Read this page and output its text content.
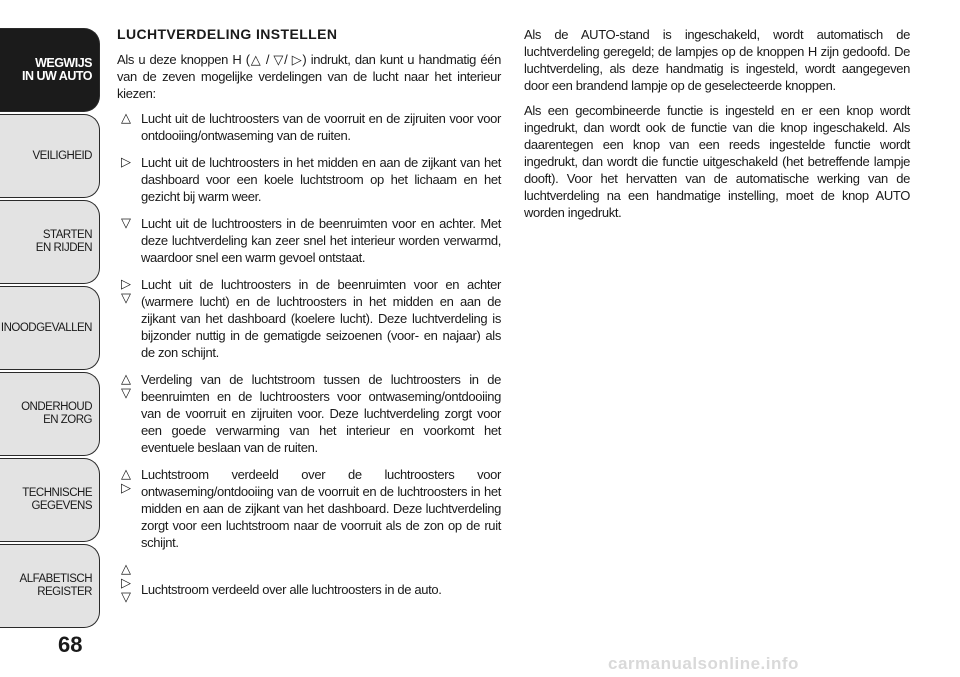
WEGWIJS
IN UW AUTO
VEILIGHEID
STARTEN
EN RIJDEN
INOODGEVALLEN
ONDERHOUD
EN ZORG
TECHNISCHE
GEGEVENS
ALFABETISCH
REGISTER
68
LUCHTVERDELING INSTELLEN

Als u deze knoppen H (△ / ▽/ ▷) indrukt, dan kunt u handmatig één van de zeven mogelijke verdelingen van de lucht naar het interieur kiezen:

△ Lucht uit de luchtroosters van de voorruit en de zijruiten voor voor ontdooiing/ontwaseming van de ruiten.

▷ Lucht uit de luchtroosters in het midden en aan de zijkant van het dashboard voor een koele luchtstroom op het lichaam en het gezicht bij warm weer.

▽ Lucht uit de luchtroosters in de beenruimten voor en achter. Met deze luchtverdeling kan zeer snel het interieur worden verwarmd, waardoor snel een warm gevoel ontstaat.

▷
▽

Lucht uit de luchtroosters in de beenruimten voor en achter (warmere lucht) en de luchtroosters in het midden en aan de zijkant van het dashboard (koelere lucht). Deze luchtverdeling is bijzonder nuttig in de gematigde seizoenen (voor- en najaar) als de zon schijnt.

△
▽

Verdeling van de luchtstroom tussen de luchtroosters in de beenruimten en de luchtroosters voor ontwaseming/ontdooiing van de voorruit en zijruiten voor. Deze luchtverdeling zorgt voor een goede verwarming van het interieur en voorkomt het eventuele beslaan van de ruiten.

△
▷

Luchtstroom verdeeld over de luchtroosters voor ontwaseming/ontdooiing van de voorruit en de luchtroosters in het midden en aan de zijkant van het dashboard. Deze luchtverdeling zorgt voor een luchtstroom naar de voorruit als de zon op de ruit schijnt.

△
▷
▽ Luchtstroom verdeeld over alle luchtroosters in de auto.

Als de AUTO-stand is ingeschakeld, wordt automatisch de luchtverdeling geregeld; de lampjes op de knoppen H zijn gedoofd. De luchtverdeling, als deze handmatig is ingesteld, wordt aangegeven door een brandend lampje op de geselecteerde knoppen.

Als een gecombineerde functie is ingesteld en er een knop wordt ingedrukt, dan wordt ook de functie van die knop ingeschakeld. Als daarentegen een knop van een reeds ingestelde functie wordt ingedrukt, dan wordt die functie uitgeschakeld (het betreffende lampje dooft). Voor het hervatten van de automatische werking van de luchtverdeling na een handmatige instelling, moet de knop AUTO worden ingedrukt.

carmanualsonline.info
